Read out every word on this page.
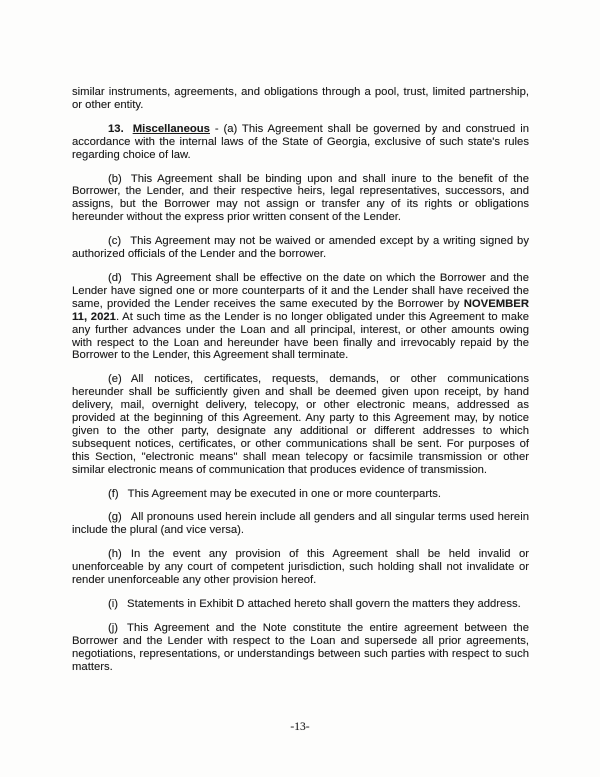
similar instruments, agreements, and obligations through a pool, trust, limited partnership, or other entity.

13. Miscellaneous - (a) This Agreement shall be governed by and construed in accordance with the internal laws of the State of Georgia, exclusive of such state's rules regarding choice of law.

(b) This Agreement shall be binding upon and shall inure to the benefit of the Borrower, the Lender, and their respective heirs, legal representatives, successors, and assigns, but the Borrower may not assign or transfer any of its rights or obligations hereunder without the express prior written consent of the Lender.

(c) This Agreement may not be waived or amended except by a writing signed by authorized officials of the Lender and the borrower.

(d) This Agreement shall be effective on the date on which the Borrower and the Lender have signed one or more counterparts of it and the Lender shall have received the same, provided the Lender receives the same executed by the Borrower by NOVEMBER 11, 2021. At such time as the Lender is no longer obligated under this Agreement to make any further advances under the Loan and all principal, interest, or other amounts owing with respect to the Loan and hereunder have been finally and irrevocably repaid by the Borrower to the Lender, this Agreement shall terminate.

(e) All notices, certificates, requests, demands, or other communications hereunder shall be sufficiently given and shall be deemed given upon receipt, by hand delivery, mail, overnight delivery, telecopy, or other electronic means, addressed as provided at the beginning of this Agreement. Any party to this Agreement may, by notice given to the other party, designate any additional or different addresses to which subsequent notices, certificates, or other communications shall be sent. For purposes of this Section, "electronic means" shall mean telecopy or facsimile transmission or other similar electronic means of communication that produces evidence of transmission.

(f) This Agreement may be executed in one or more counterparts.

(g) All pronouns used herein include all genders and all singular terms used herein include the plural (and vice versa).

(h) In the event any provision of this Agreement shall be held invalid or unenforceable by any court of competent jurisdiction, such holding shall not invalidate or render unenforceable any other provision hereof.

(i) Statements in Exhibit D attached hereto shall govern the matters they address.

(j) This Agreement and the Note constitute the entire agreement between the Borrower and the Lender with respect to the Loan and supersede all prior agreements, negotiations, representations, or understandings between such parties with respect to such matters.

-13-
